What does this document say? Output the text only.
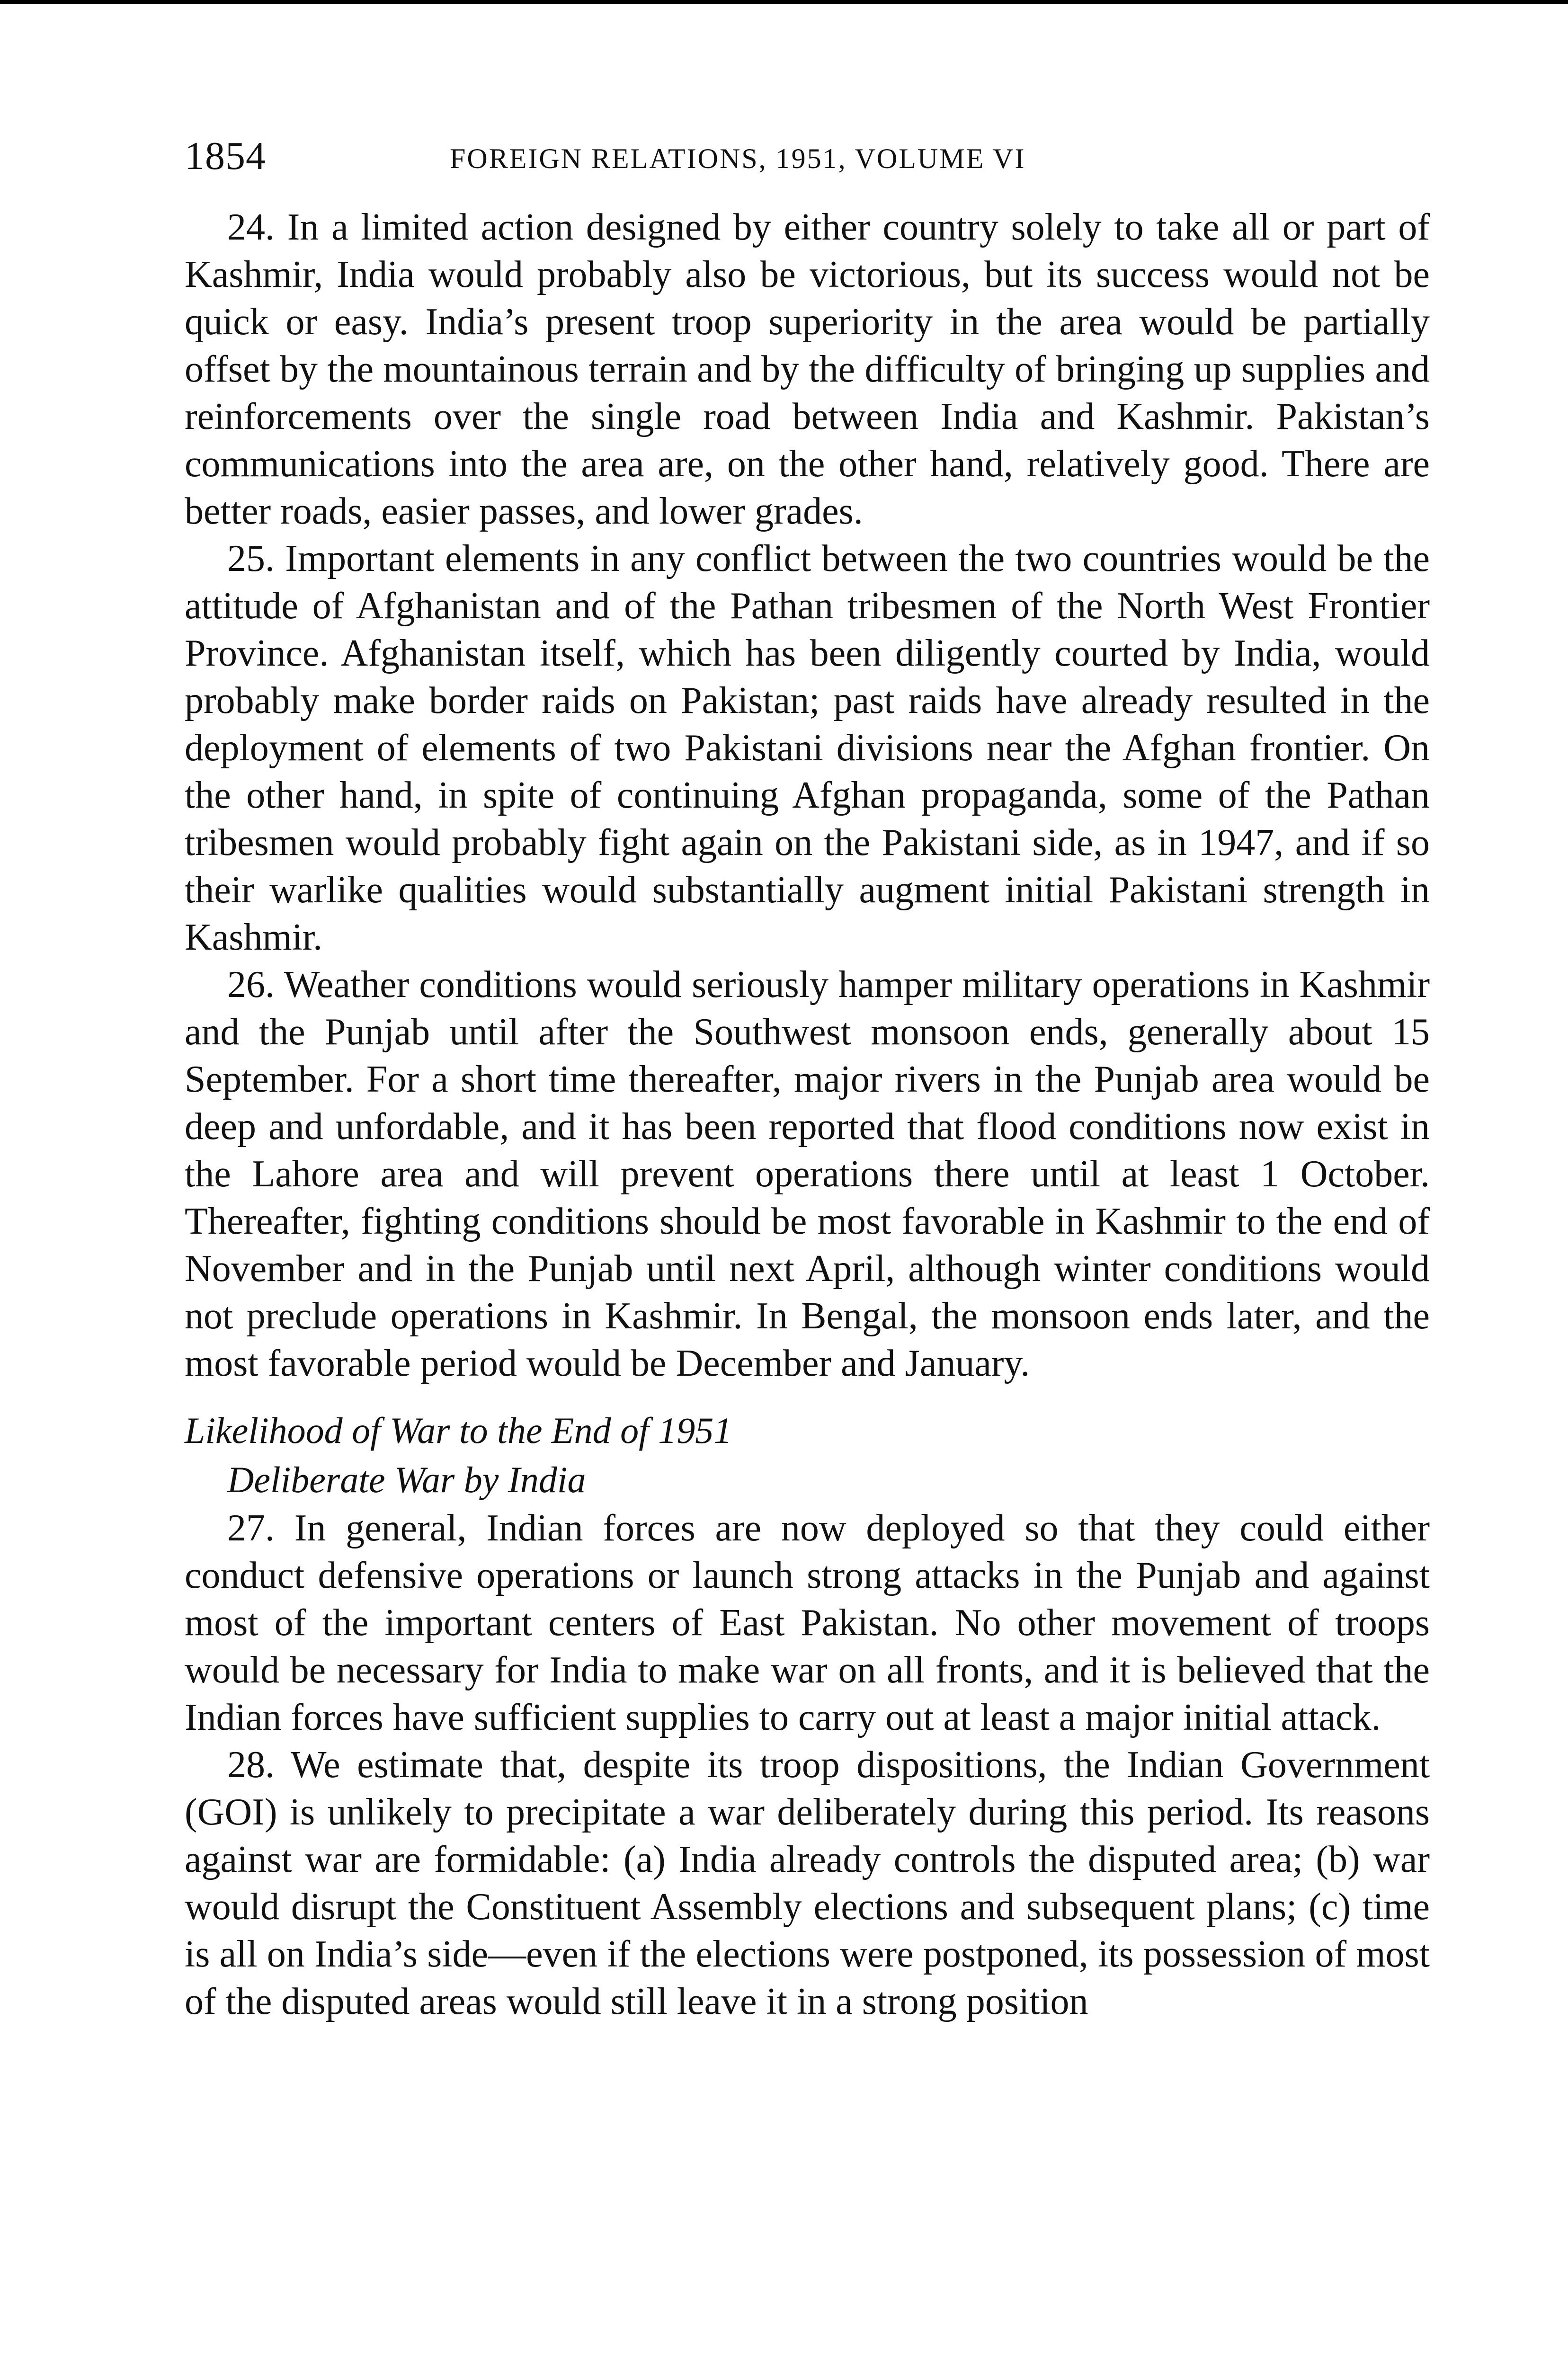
1854	FOREIGN RELATIONS, 1951, VOLUME VI

24. In a limited action designed by either country solely to take all or part of Kashmir, India would probably also be victorious, but its success would not be quick or easy. India’s present troop superiority in the area would be partially offset by the mountainous terrain and by the difficulty of bringing up supplies and reinforcements over the single road between India and Kashmir. Pakistan’s communications into the area are, on the other hand, relatively good. There are better roads, easier passes, and lower grades.

25. Important elements in any conflict between the two countries would be the attitude of Afghanistan and of the Pathan tribesmen of the North West Frontier Province. Afghanistan itself, which has been diligently courted by India, would probably make border raids on Pakistan; past raids have already resulted in the deployment of elements of two Pakistani divisions near the Afghan frontier. On the other hand, in spite of continuing Afghan propaganda, some of the Pathan tribesmen would probably fight again on the Pakistani side, as in 1947, and if so their warlike qualities would substantially augment initial Pakistani strength in Kashmir.

26. Weather conditions would seriously hamper military operations in Kashmir and the Punjab until after the Southwest monsoon ends, generally about 15 September. For a short time thereafter, major rivers in the Punjab area would be deep and unfordable, and it has been reported that flood conditions now exist in the Lahore area and will prevent operations there until at least 1 October. Thereafter, fighting conditions should be most favorable in Kashmir to the end of November and in the Punjab until next April, although winter conditions would not preclude operations in Kashmir. In Bengal, the monsoon ends later, and the most favorable period would be December and January.

Likelihood of War to the End of 1951

Deliberate War by India

27. In general, Indian forces are now deployed so that they could either conduct defensive operations or launch strong attacks in the Punjab and against most of the important centers of East Pakistan. No other movement of troops would be necessary for India to make war on all fronts, and it is believed that the Indian forces have sufficient supplies to carry out at least a major initial attack.

28. We estimate that, despite its troop dispositions, the Indian Government (GOI) is unlikely to precipitate a war deliberately during this period. Its reasons against war are formidable: (a) India already controls the disputed area; (b) war would disrupt the Constituent Assembly elections and subsequent plans; (c) time is all on India’s side—even if the elections were postponed, its possession of most of the disputed areas would still leave it in a strong position
